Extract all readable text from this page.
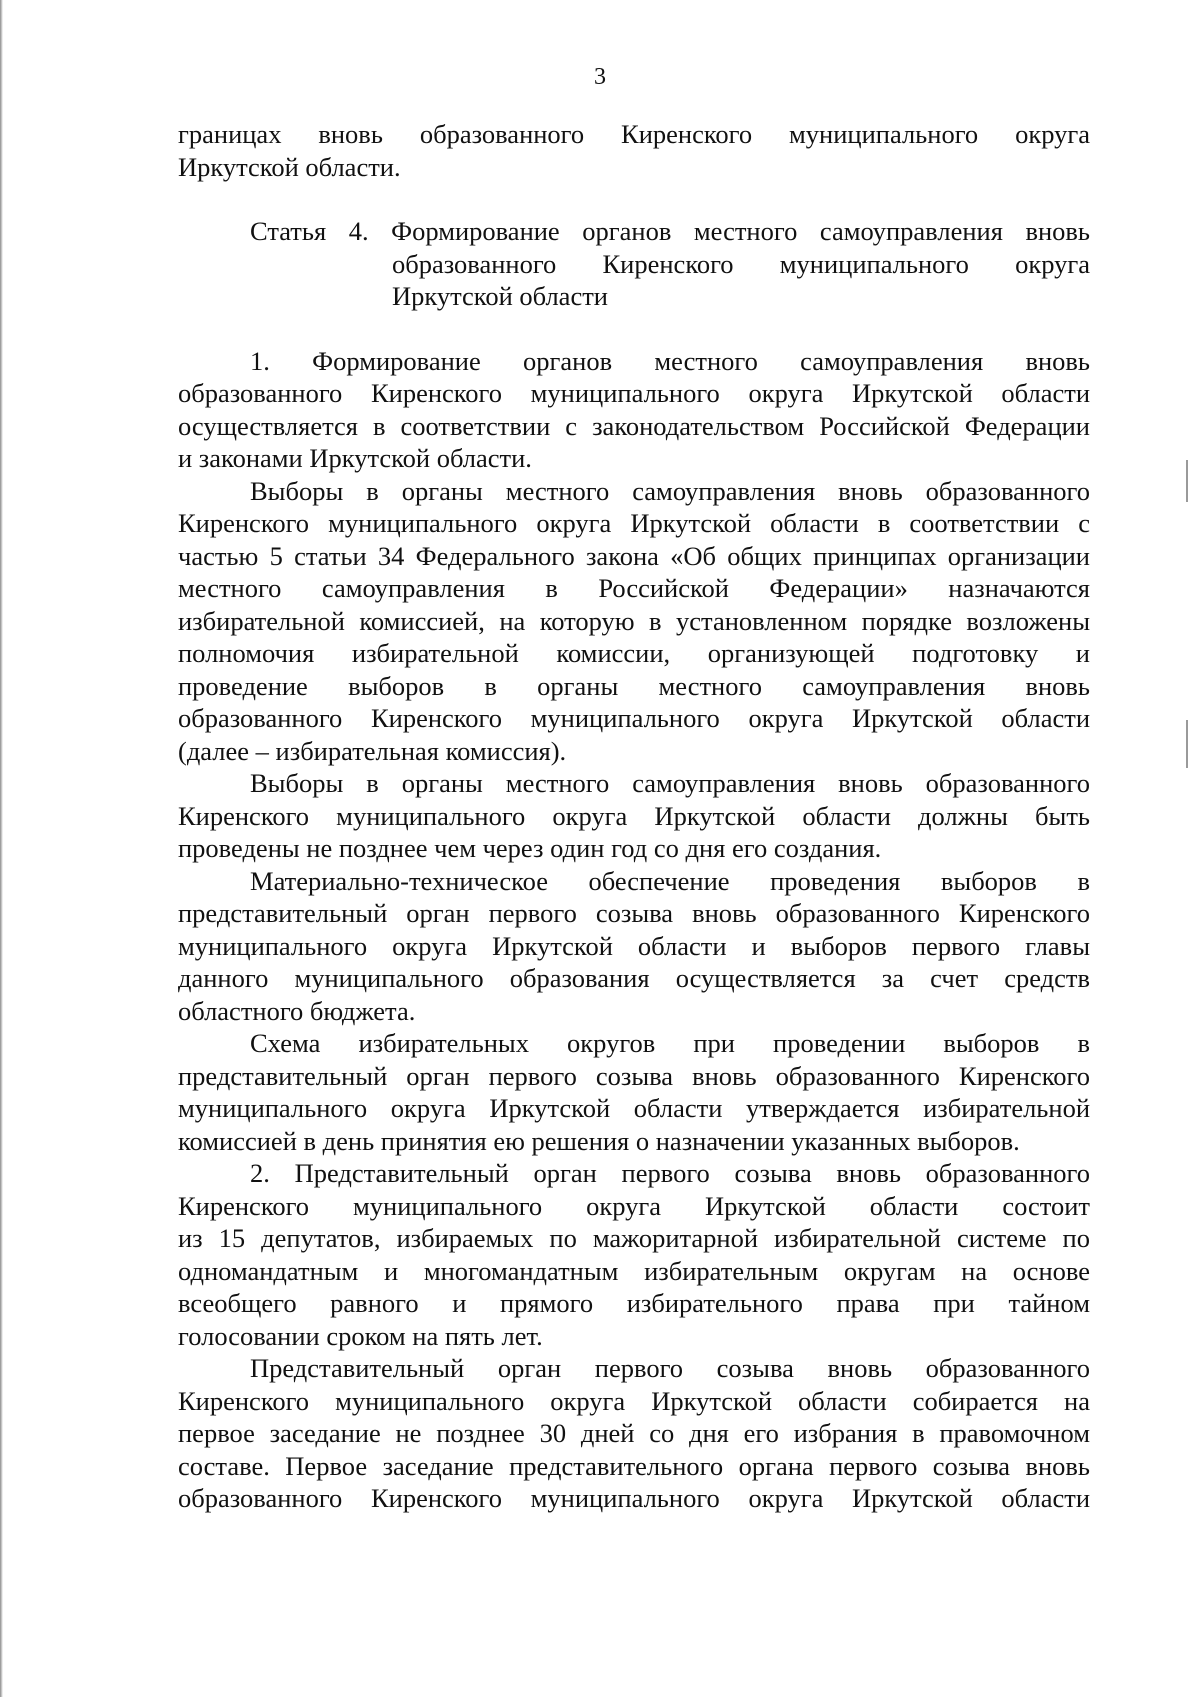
3

границах вновь образованного Киренского муниципального округа

Иркутской области.

Статья 4. Формирование органов местного самоуправления вновь

образованного Киренского муниципального округа

Иркутской области

1. Формирование органов местного самоуправления вновь

образованного Киренского муниципального округа Иркутской области

осуществляется в соответствии с законодательством Российской Федерации

и законами Иркутской области.

Выборы в органы местного самоуправления вновь образованного

Киренского муниципального округа Иркутской области в соответствии с

частью 5 статьи 34 Федерального закона «Об общих принципах организации

местного самоуправления в Российской Федерации» назначаются

избирательной комиссией, на которую в установленном порядке возложены

полномочия избирательной комиссии, организующей подготовку и

проведение выборов в органы местного самоуправления вновь

образованного Киренского муниципального округа Иркутской области

(далее – избирательная комиссия).

Выборы в органы местного самоуправления вновь образованного

Киренского муниципального округа Иркутской области должны быть

проведены не позднее чем через один год со дня его создания.

Материально-техническое обеспечение проведения выборов в

представительный орган первого созыва вновь образованного Киренского

муниципального округа Иркутской области и выборов первого главы

данного муниципального образования осуществляется за счет средств

областного бюджета.

Схема избирательных округов при проведении выборов в

представительный орган первого созыва вновь образованного Киренского

муниципального округа Иркутской области утверждается избирательной

комиссией в день принятия ею решения о назначении указанных выборов.

2. Представительный орган первого созыва вновь образованного

Киренского муниципального округа Иркутской области состоит

из 15 депутатов, избираемых по мажоритарной избирательной системе по

одномандатным и многомандатным избирательным округам на основе

всеобщего равного и прямого избирательного права при тайном

голосовании сроком на пять лет.

Представительный орган первого созыва вновь образованного

Киренского муниципального округа Иркутской области собирается на

первое заседание не позднее 30 дней со дня его избрания в правомочном

составе. Первое заседание представительного органа первого созыва вновь

образованного Киренского муниципального округа Иркутской области
